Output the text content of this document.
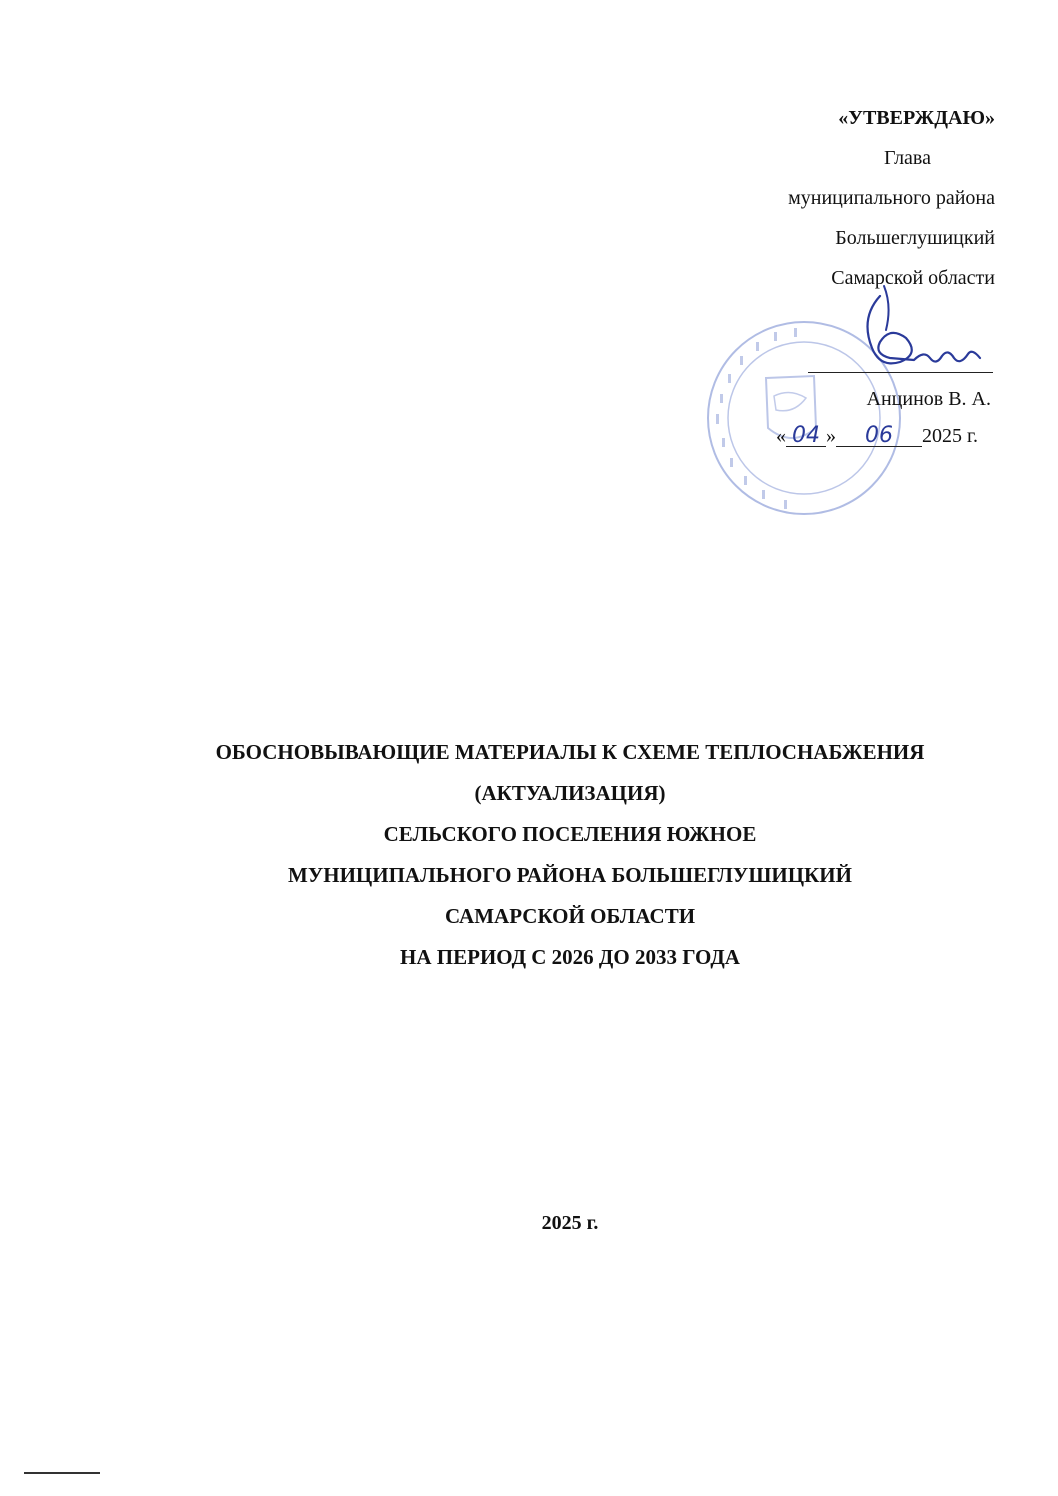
«УТВЕРЖДАЮ»
Глава
муниципального района
Большеглушицкий
Самарской области
Анцинов В. А.
« 04 » 06 2025 г.
ОБОСНОВЫВАЮЩИЕ МАТЕРИАЛЫ К СХЕМЕ ТЕПЛОСНАБЖЕНИЯ
(АКТУАЛИЗАЦИЯ)
СЕЛЬСКОГО ПОСЕЛЕНИЯ ЮЖНОЕ
МУНИЦИПАЛЬНОГО РАЙОНА БОЛЬШЕГЛУШИЦКИЙ
САМАРСКОЙ ОБЛАСТИ
НА ПЕРИОД С 2026 ДО 2033 ГОДА
2025 г.
